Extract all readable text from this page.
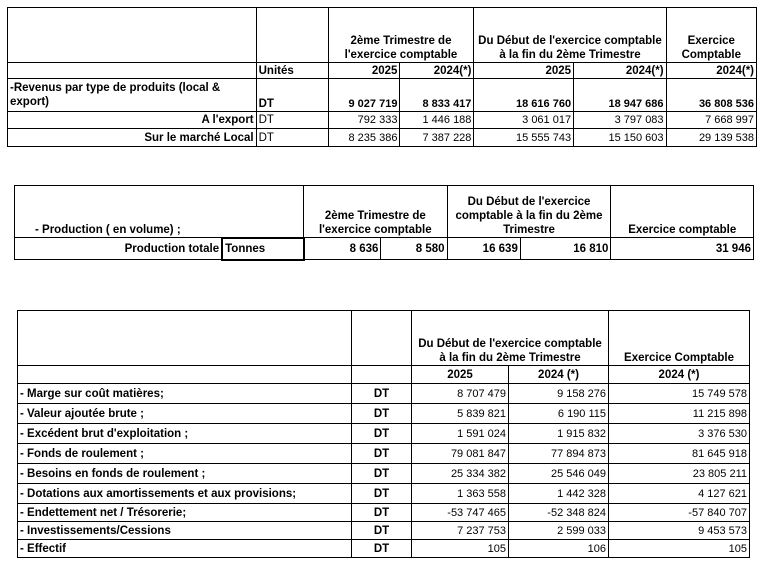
		2ème Trimestre de l'exercice comptable		Du Début de l'exercice comptable à la fin du 2ème Trimestre		Exercice Comptable
	Unités	2025	2024(*)	2025	2024(*)	2024(*)
-Revenus par type de produits (local & export)	DT	9 027 719	8 833 417	18 616 760	18 947 686	36 808 536
A l'export	DT	792 333	1 446 188	3 061 017	3 797 083	7 668 997
Sur le marché Local	DT	8 235 386	7 387 228	15 555 743	15 150 603	29 139 538
- Production ( en volume) ;		2ème Trimestre de l'exercice comptable		Du Début de l'exercice comptable à la fin du 2ème Trimestre		Exercice comptable
Production totale	Tonnes	8 636	8 580	16 639	16 810	31 946
		Du Début de l'exercice comptable à la fin du 2ème Trimestre		Exercice Comptable
		2025	2024 (*)	2024 (*)
- Marge sur coût matières;	DT	8 707 479	9 158 276	15 749 578
- Valeur ajoutée brute ;	DT	5 839 821	6 190 115	11 215 898
- Excédent brut d'exploitation ;	DT	1 591 024	1 915 832	3 376 530
- Fonds de roulement ;	DT	79 081 847	77 894 873	81 645 918
- Besoins en fonds de roulement ;	DT	25 334 382	25 546 049	23 805 211
- Dotations aux amortissements et aux provisions;	DT	1 363 558	1 442 328	4 127 621
- Endettement net / Trésorerie;	DT	-53 747 465	-52 348 824	-57 840 707
- Investissements/Cessions	DT	7 237 753	2 599 033	9 453 573
- Effectif	DT	105	106	105
